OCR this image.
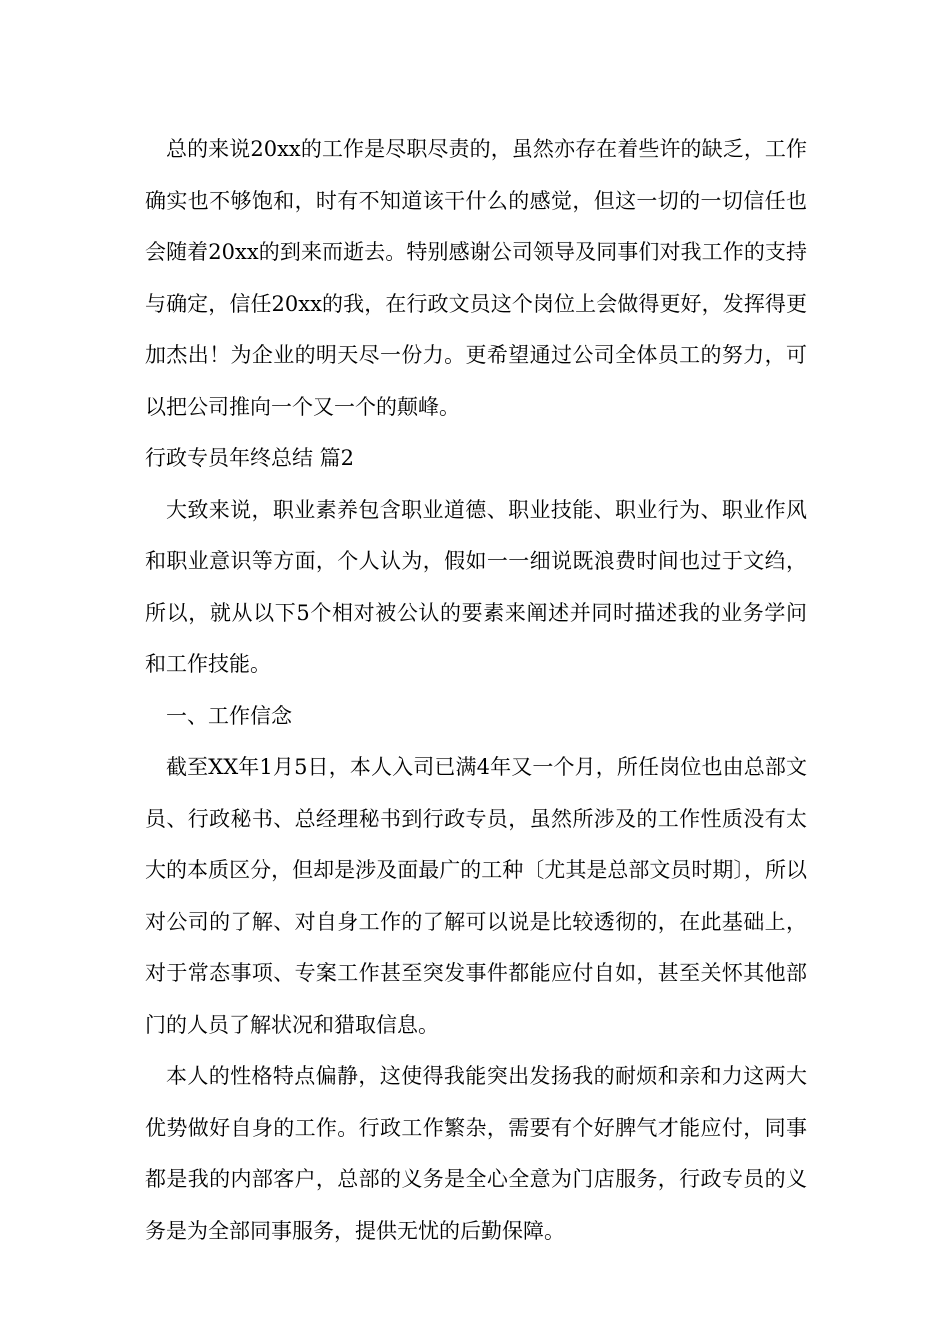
总的来说20xx的工作是尽职尽责的，虽然亦存在着些许的缺乏，工作确实也不够饱和，时有不知道该干什么的感觉，但这一切的一切信任也会随着20xx的到来而逝去。特别感谢公司领导及同事们对我工作的支持与确定，信任20xx的我，在行政文员这个岗位上会做得更好，发挥得更加杰出！为企业的明天尽一份力。更希望通过公司全体员工的努力，可以把公司推向一个又一个的颠峰。

行政专员年终总结 篇2

大致来说，职业素养包含职业道德、职业技能、职业行为、职业作风和职业意识等方面，个人认为，假如一一细说既浪费时间也过于文绉，所以，就从以下5个相对被公认的要素来阐述并同时描述我的业务学问和工作技能。

一、工作信念

截至XX年1月5日，本人入司已满4年又一个月，所任岗位也由总部文员、行政秘书、总经理秘书到行政专员，虽然所涉及的工作性质没有太大的本质区分，但却是涉及面最广的工种〔尤其是总部文员时期〕，所以对公司的了解、对自身工作的了解可以说是比较透彻的，在此基础上，对于常态事项、专案工作甚至突发事件都能应付自如，甚至关怀其他部门的人员了解状况和猎取信息。

本人的性格特点偏静，这使得我能突出发扬我的耐烦和亲和力这两大优势做好自身的工作。行政工作繁杂，需要有个好脾气才能应付，同事都是我的内部客户，总部的义务是全心全意为门店服务，行政专员的义务是为全部同事服务，提供无忧的后勤保障。
